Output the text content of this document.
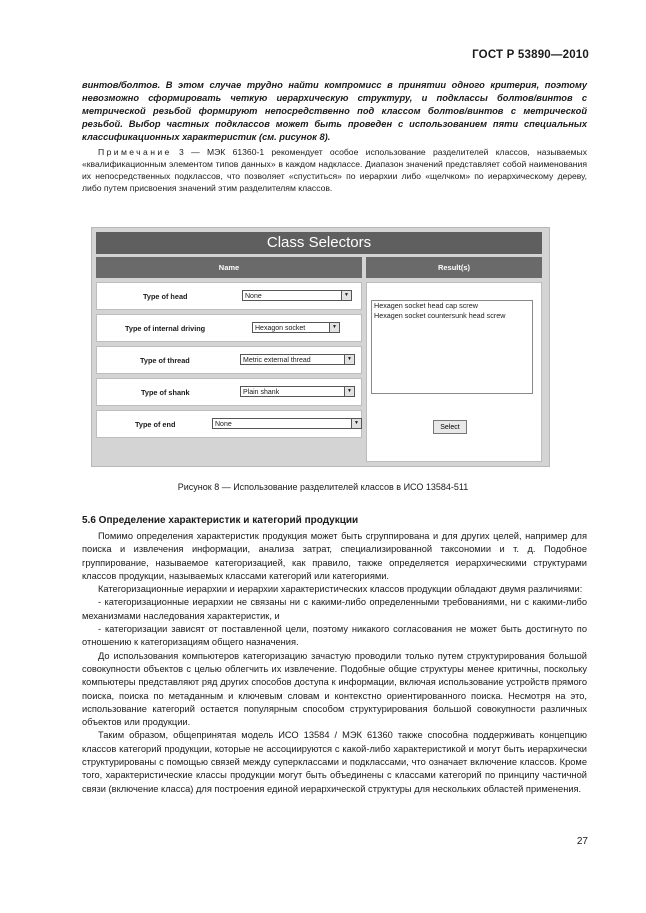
ГОСТ Р 53890—2010

винтов/болтов. В этом случае трудно найти компромисс в принятии одного критерия, поэтому невозможно сформировать четкую иерархическую структуру, и подклассы болтов/винтов с метрической резьбой формируют непосредственно под классом болтов/винтов с метрической резьбой. Выбор частных подклассов может быть проведен с использованием пяти специальных классификационных характеристик (см. рисунок 8).

Примечание 3 — МЭК 61360-1 рекомендует особое использование разделителей классов, называемых «квалификационным элементом типов данных» в каждом надклассе. Диапазон значений представляет собой наименования их непосредственных подклассов, что позволяет «спуститься» по иерархии либо «щелчком» по иерархическому дереву, либо путем присвоения значений этим разделителям классов.

Class Selectors
Name	Result(s)
Type of head	None	▼
Type of internal driving	Hexagon socket	▼
Type of thread	Metric external thread	▼
Type of shank	Plain shank	▼
Type of end	None	▼
Hexagen socket head cap screw
Hexagen socket countersunk head screw
Select
Рисунок 8 — Использование разделителей классов в ИСО 13584-511
5.6 Определение характеристик и категорий продукции

Помимо определения характеристик продукция может быть сгруппирована и для других целей, например для поиска и извлечения информации, анализа затрат, специализированной таксономии и т. д. Подобное группирование, называемое категоризацией, как правило, также определяется иерархическими структурами классов продукции, называемых классами категорий или категориями.

Категоризационные иерархии и иерархии характеристических классов продукции обладают двумя различиями:

- категоризационные иерархии не связаны ни с какими-либо определенными требованиями, ни с какими-либо механизмами наследования характеристик, и

- категоризации зависят от поставленной цели, поэтому никакого согласования не может быть достигнуто по отношению к категоризациям общего назначения.

До использования компьютеров категоризацию зачастую проводили только путем структурирования большой совокупности объектов с целью облегчить их извлечение. Подобные общие структуры менее критичны, поскольку компьютеры представляют ряд других способов доступа к информации, включая использование устройств прямого поиска, поиска по метаданным и ключевым словам и контекстно ориентированного поиска. Несмотря на это, использование категорий остается популярным способом структурирования большой совокупности различных объектов или продукции.

Таким образом, общепринятая модель ИСО 13584 / МЭК 61360 также способна поддерживать концепцию классов категорий продукции, которые не ассоциируются с какой-либо характеристикой и могут быть иерархически структурированы с помощью связей между суперклассами и подклассами, что означает включение классов. Кроме того, характеристические классы продукции могут быть объединены с классами категорий по принципу частичной связи (включение класса) для построения единой иерархической структуры для нескольких областей применения.

27
